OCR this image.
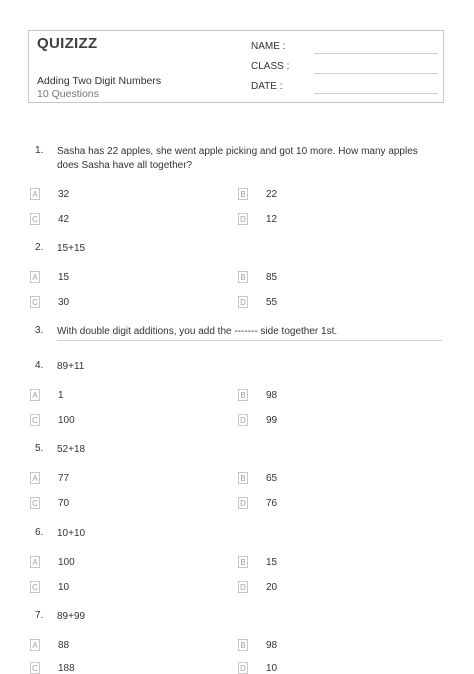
QUIZIZZ
Adding Two Digit Numbers
10 Questions
NAME :
CLASS :
DATE :
1. Sasha has 22 apples, she went apple picking and got 10 more. How many apples does Sasha have all together?
A 32	B 22
C 42	D 12
2. 15+15
A 15	B 85
C 30	D 55
3. With double digit additions, you add the ------- side together 1st.
4. 89+11
A 1	B 98
C 100	D 99
5. 52+18
A 77	B 65
C 70	D 76
6. 10+10
A 100	B 15
C 10	D 20
7. 89+99
A 88	B 98
C 188	D 10
